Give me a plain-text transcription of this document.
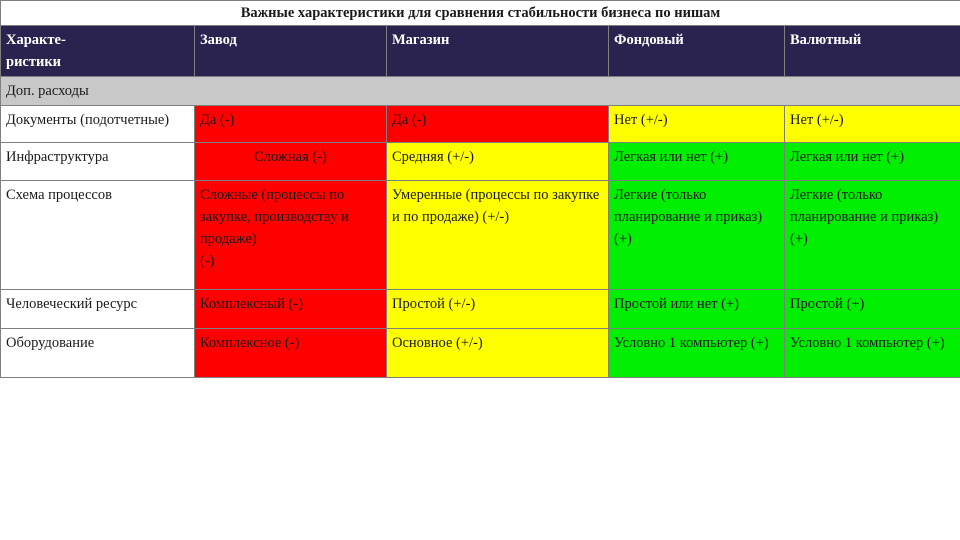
Важные характеристики для сравнения стабильности бизнеса по нишам				
Характе-
ристики	Завод	Магазин	Фондовый	Валютный
Доп. расходы				
Документы (подотчетные)	Да (-)	Да (-)	Нет (+/-)	Нет (+/-)
Инфраструктура	Сложная (-)	Средняя (+/-)	Легкая или нет (+)	Легкая или нет (+)
Схема процессов	Сложные (процессы по закупке, производству и продаже)
(-)	Умеренные (процессы по закупке и по продаже) (+/-)	Легкие (только планирование и приказ) (+)	Легкие (только планирование и приказ) (+)
Человеческий ресурс	Комплексный (-)	Простой (+/-)	Простой или нет (+)	Простой (+)
Оборудование	Комплексное (-)	Основное (+/-)	Условно 1 компьютер (+)	Условно 1 компьютер (+)
